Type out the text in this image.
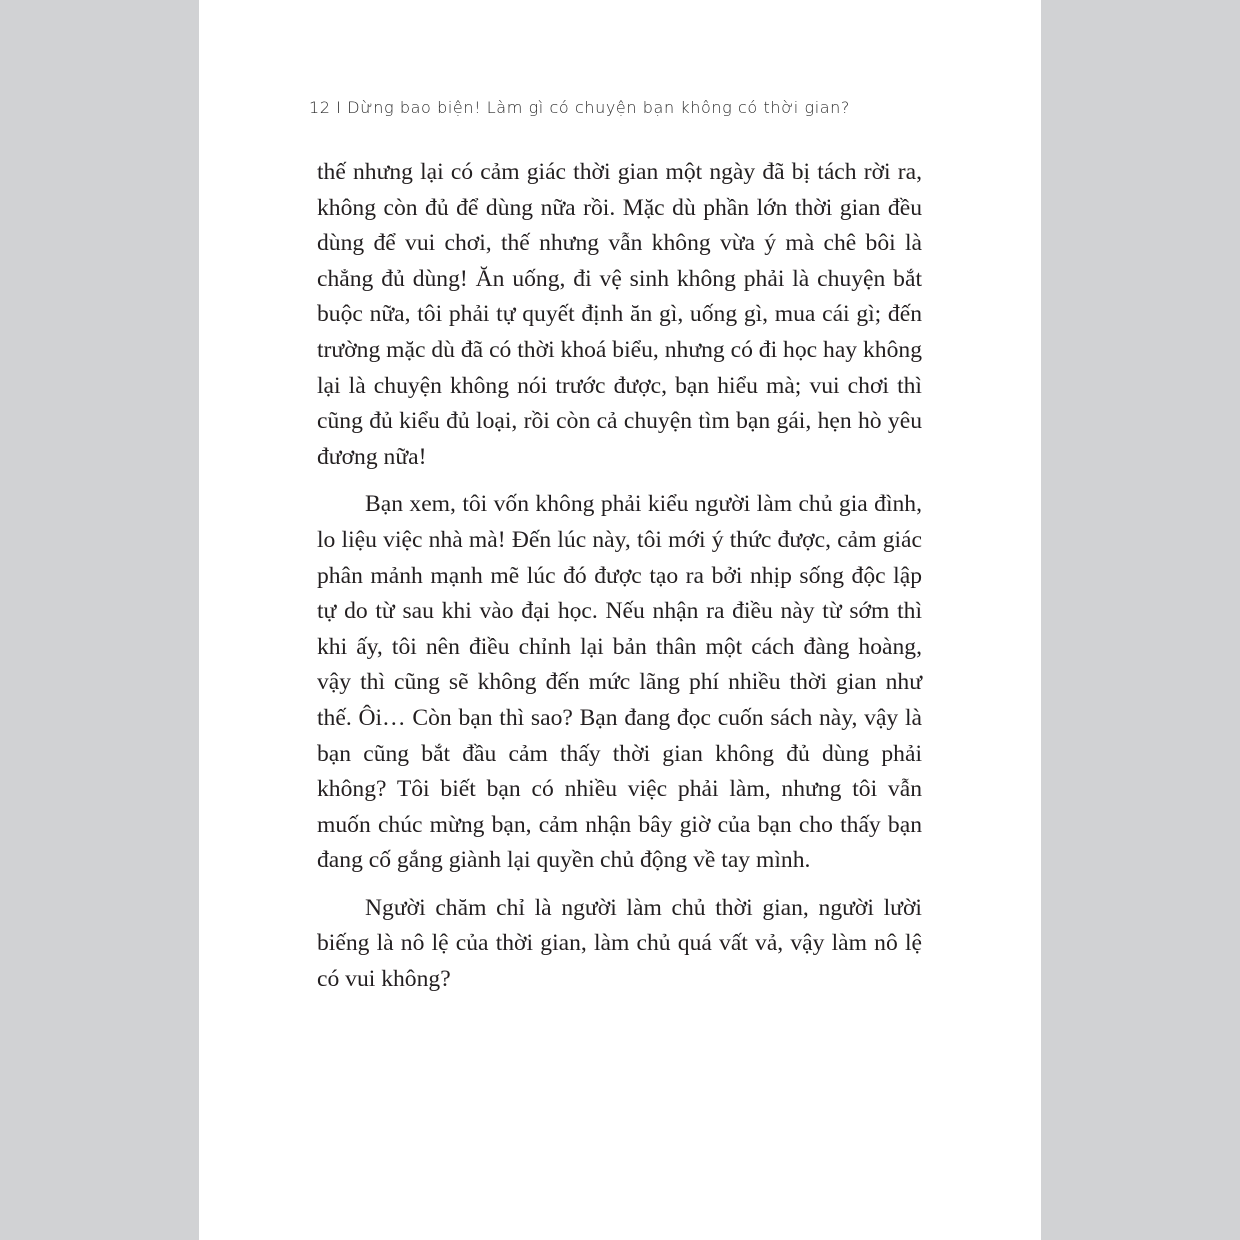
12 I Dừng bao biện! Làm gì có chuyện bạn không có thời gian?

thế nhưng lại có cảm giác thời gian một ngày đã bị tách rời ra, không còn đủ để dùng nữa rồi. Mặc dù phần lớn thời gian đều dùng để vui chơi, thế nhưng vẫn không vừa ý mà chê bôi là chẳng đủ dùng! Ăn uống, đi vệ sinh không phải là chuyện bắt buộc nữa, tôi phải tự quyết định ăn gì, uống gì, mua cái gì; đến trường mặc dù đã có thời khoá biểu, nhưng có đi học hay không lại là chuyện không nói trước được, bạn hiểu mà; vui chơi thì cũng đủ kiểu đủ loại, rồi còn cả chuyện tìm bạn gái, hẹn hò yêu đương nữa!

Bạn xem, tôi vốn không phải kiểu người làm chủ gia đình, lo liệu việc nhà mà! Đến lúc này, tôi mới ý thức được, cảm giác phân mảnh mạnh mẽ lúc đó được tạo ra bởi nhịp sống độc lập tự do từ sau khi vào đại học. Nếu nhận ra điều này từ sớm thì khi ấy, tôi nên điều chỉnh lại bản thân một cách đàng hoàng, vậy thì cũng sẽ không đến mức lãng phí nhiều thời gian như thế. Ôi… Còn bạn thì sao? Bạn đang đọc cuốn sách này, vậy là bạn cũng bắt đầu cảm thấy thời gian không đủ dùng phải không? Tôi biết bạn có nhiều việc phải làm, nhưng tôi vẫn muốn chúc mừng bạn, cảm nhận bây giờ của bạn cho thấy bạn đang cố gắng giành lại quyền chủ động về tay mình.

Người chăm chỉ là người làm chủ thời gian, người lười biếng là nô lệ của thời gian, làm chủ quá vất vả, vậy làm nô lệ có vui không?
